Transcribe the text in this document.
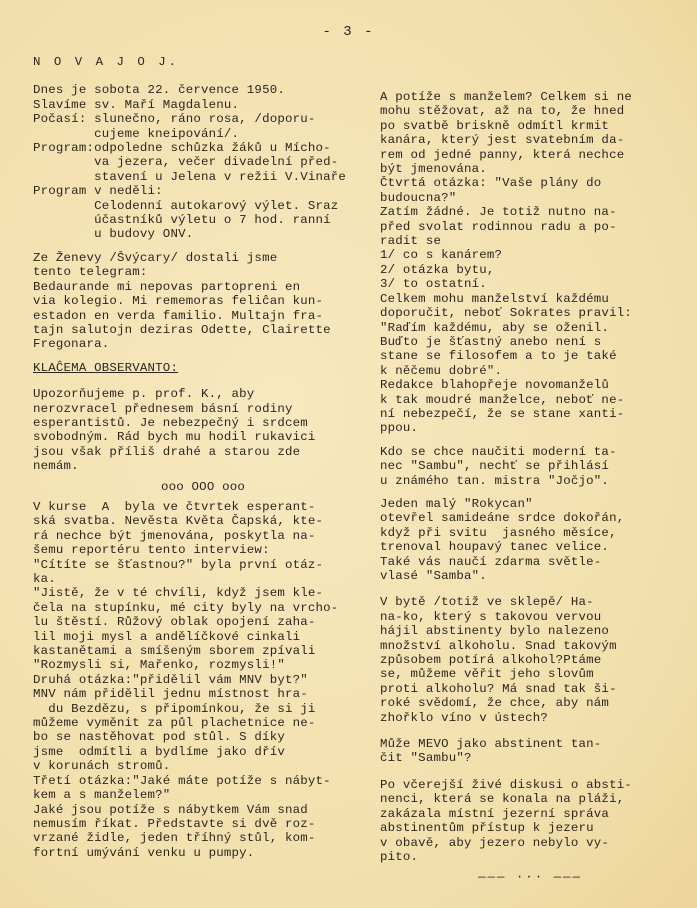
- 3 -
N O V A J O J.
Dnes je sobota 22. července 1950.
Slavíme sv. Maří Magdalenu.
Počasí: slunečno, ráno rosa, /doporu-
cujeme kneipování/.
Program:odpoledne schůzka žáků u Mícho-
va jezera, večer divadelní před-
stavení u Jelena v režii V.Vinaře
Program v neděli:
Celodenní autokarový výlet. Sraz
účastníků výletu o 7 hod. ranní
u budovy ONV.
Ze Ženevy /Švýcary/ dostali jsme
tento telegram:
Bedaurande mi nepovas partopreni en
via kolegio. Mi rememoras feliĉan kun-
estadon en verda familio. Multajn fra-
tajn salutojn deziras Odette, Clairette
Fregonara.
KLAĈEMA OBSERVANTO:
Upozorňujeme p. prof. K., aby
nerozvracel přednesem básní rodiny
esperantistů. Je nebezpečný i srdcem
svobodným. Rád bych mu hodil rukavici
jsou však příliš drahé a starou zde
nemám.
ooo OOO ooo
V kurse  A  byla ve čtvrtek esperant-
ská svatba. Nevěsta Květa Čapská, kte-
rá nechce být jmenována, poskytla na-
šemu reportéru tento interview:
"Cítíte se šťastnou?" byla první otáz-
ka.
"Jistě, že v té chvíli, když jsem kle-
čela na stupínku, mé city byly na vrcho-
lu štěstí. Růžový oblak opojení zaha-
lil moji mysl a andělíčkové cinkali
kastanětami a smíšeným sborem zpívali
"Rozmysli si, Mařenko, rozmysli!"
Druhá otázka:"přidělil vám MNV byt?"
MNV nám přidělil jednu místnost hra-
du Bezdězu, s připomínkou, že si ji
můžeme vyměnit za půl plachetnice ne-
bo se nastěhovat pod stůl. S díky
jsme  odmítli a bydlíme jako dřív
v korunách stromů.
Třetí otázka:"Jaké máte potíže s nábyt-
kem a s manželem?"
Jaké jsou potíže s nábytkem Vám snad
nemusím říkat. Představte si dvě roz-
vrzané židle, jeden tříhný stůl, kom-
fortní umývání venku u pumpy.
A potíže s manželem? Celkem si ne
mohu stěžovat, až na to, že hned
po svatbě briskně odmítl krmit
kanára, který jest svatebním da-
rem od jedné panny, která nechce
být jmenována.
Čtvrtá otázka: "Vaše plány do
budoucna?"
Zatím žádné. Je totiž nutno na-
před svolat rodinnou radu a po-
radit se
1/ co s kanárem?
2/ otázka bytu,
3/ to ostatní.
Celkem mohu manželství každému
doporučit, neboť Sokrates pravil:
"Raďím každému, aby se oženil.
Buďto je šťastný anebo není s
stane se filosofem a to je také
k něčemu dobré".
Redakce blahopřeje novomanželů
k tak moudré manželce, neboť ne-
ní nebezpečí, že se stane xanti-
ppou.
Kdo se chce naučiti moderní ta-
nec "Sambu", nechť se přihlásí
u známého tan. mistra "Jočjo".
Jeden malý "Rokycan"
otevřel samideáne srdce dokořán,
když při svitu  jasného měsíce,
trenoval houpavý tanec velice.
Také vás naučí zdarma světle-
vlasé "Samba".
V bytě /totiž ve sklepě/ Ha-
na-ko, který s takovou vervou
hájil abstinenty bylo nalezeno
množství alkoholu. Snad takovým
způsobem potírá alkohol?Ptáme
se, můžeme věřit jeho slovům
proti alkoholu? Má snad tak ši-
roké svědomí, že chce, aby nám
zhořklo víno v ústech?
Může MEVO jako abstinent tan-
čit "Sambu"?
Po včerejší živé diskusi o absti-
nenci, která se konala na pláži,
zakázala místní jezerní správa
abstinentům přístup k jezeru
v obavě, aby jezero nebylo vy-
pito.
——— ··· ———
